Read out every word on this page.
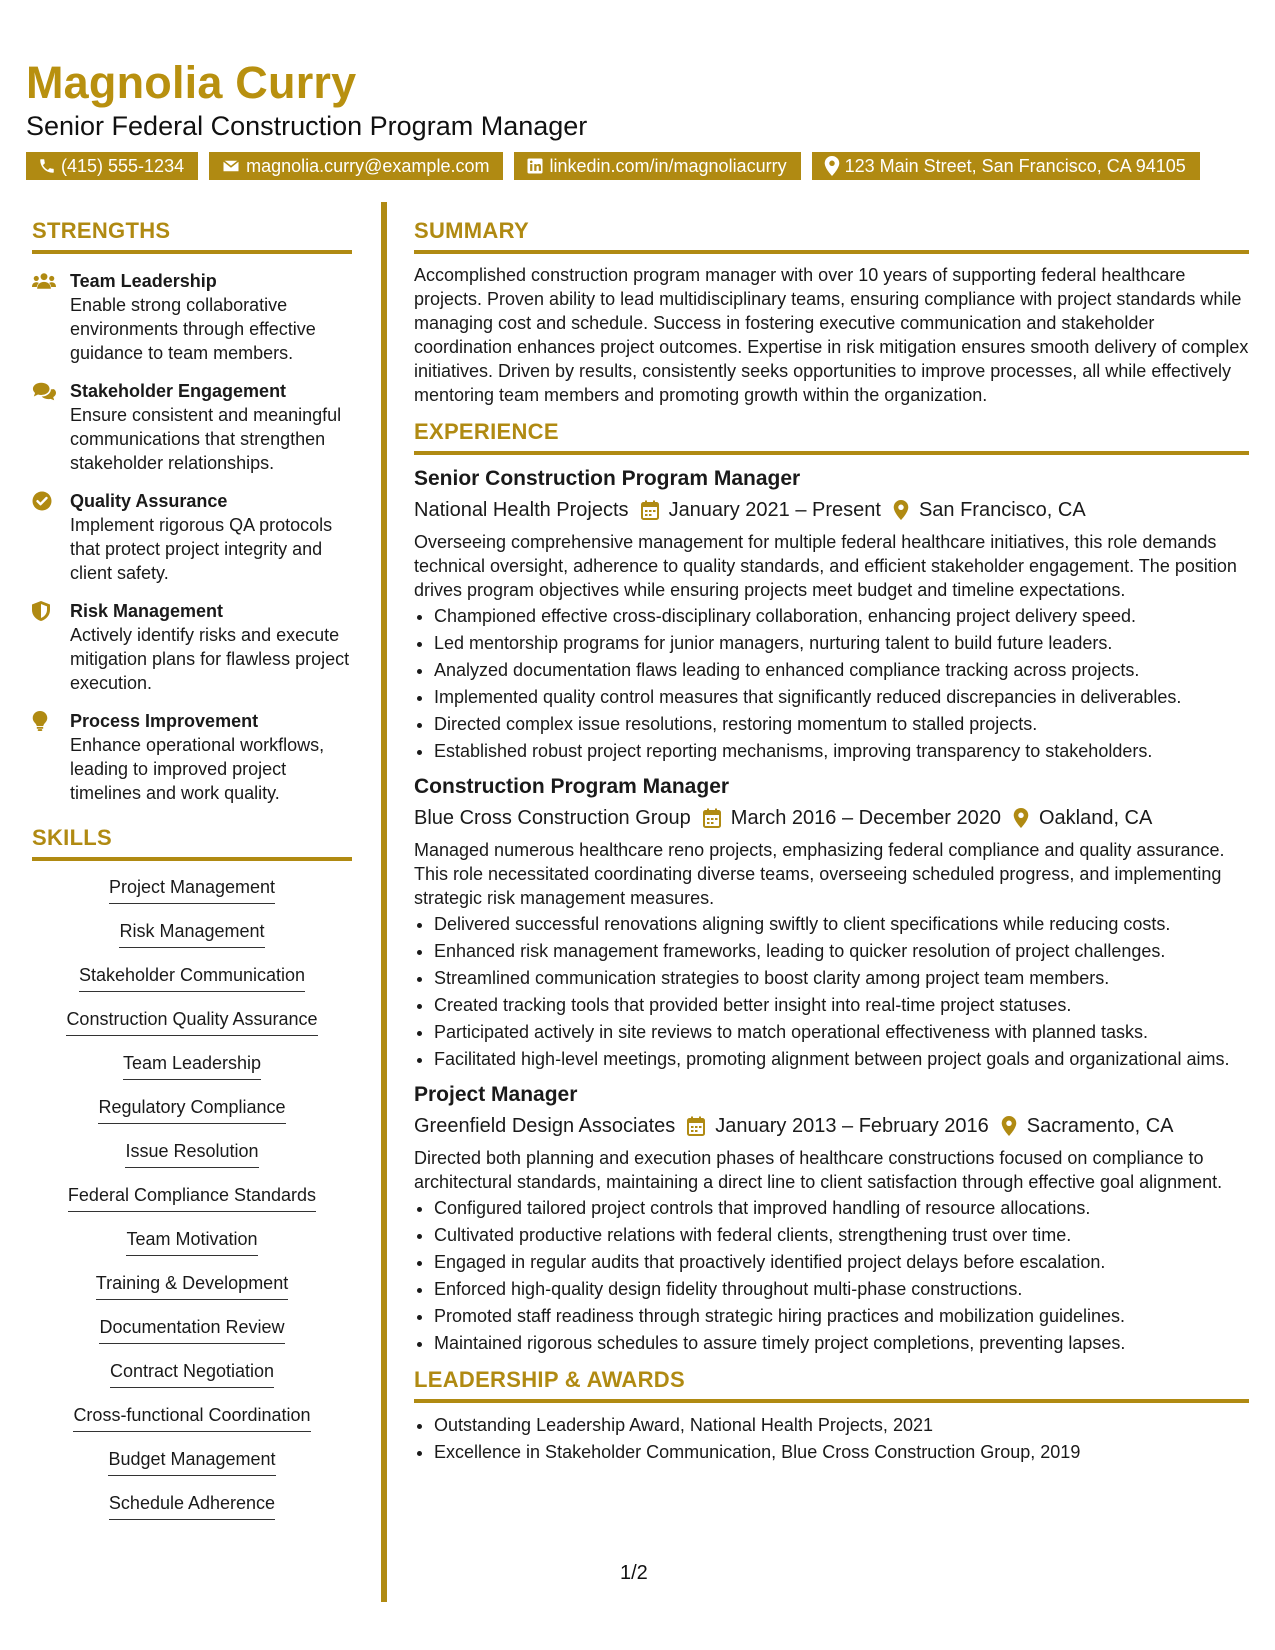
Magnolia Curry
Senior Federal Construction Program Manager
(415) 555-1234	magnolia.curry@example.com	linkedin.com/in/magnoliacurry	123 Main Street, San Francisco, CA 94105
STRENGTHS
Team Leadership
Enable strong collaborative environments through effective guidance to team members.
Stakeholder Engagement
Ensure consistent and meaningful communications that strengthen stakeholder relationships.
Quality Assurance
Implement rigorous QA protocols that protect project integrity and client safety.
Risk Management
Actively identify risks and execute mitigation plans for flawless project execution.
Process Improvement
Enhance operational workflows, leading to improved project timelines and work quality.
SKILLS
Project Management
Risk Management
Stakeholder Communication
Construction Quality Assurance
Team Leadership
Regulatory Compliance
Issue Resolution
Federal Compliance Standards
Team Motivation
Training & Development
Documentation Review
Contract Negotiation
Cross-functional Coordination
Budget Management
Schedule Adherence
SUMMARY
Accomplished construction program manager with over 10 years of supporting federal healthcare projects. Proven ability to lead multidisciplinary teams, ensuring compliance with project standards while managing cost and schedule. Success in fostering executive communication and stakeholder coordination enhances project outcomes. Expertise in risk mitigation ensures smooth delivery of complex initiatives. Driven by results, consistently seeks opportunities to improve processes, all while effectively mentoring team members and promoting growth within the organization.
EXPERIENCE
Senior Construction Program Manager
National Health Projects January 2021 – Present San Francisco, CA
Overseeing comprehensive management for multiple federal healthcare initiatives, this role demands technical oversight, adherence to quality standards, and efficient stakeholder engagement. The position drives program objectives while ensuring projects meet budget and timeline expectations.
• Championed effective cross-disciplinary collaboration, enhancing project delivery speed.
• Led mentorship programs for junior managers, nurturing talent to build future leaders.
• Analyzed documentation flaws leading to enhanced compliance tracking across projects.
• Implemented quality control measures that significantly reduced discrepancies in deliverables.
• Directed complex issue resolutions, restoring momentum to stalled projects.
• Established robust project reporting mechanisms, improving transparency to stakeholders.
Construction Program Manager
Blue Cross Construction Group March 2016 – December 2020 Oakland, CA
Managed numerous healthcare reno projects, emphasizing federal compliance and quality assurance. This role necessitated coordinating diverse teams, overseeing scheduled progress, and implementing strategic risk management measures.
• Delivered successful renovations aligning swiftly to client specifications while reducing costs.
• Enhanced risk management frameworks, leading to quicker resolution of project challenges.
• Streamlined communication strategies to boost clarity among project team members.
• Created tracking tools that provided better insight into real-time project statuses.
• Participated actively in site reviews to match operational effectiveness with planned tasks.
• Facilitated high-level meetings, promoting alignment between project goals and organizational aims.
Project Manager
Greenfield Design Associates January 2013 – February 2016 Sacramento, CA
Directed both planning and execution phases of healthcare constructions focused on compliance to architectural standards, maintaining a direct line to client satisfaction through effective goal alignment.
• Configured tailored project controls that improved handling of resource allocations.
• Cultivated productive relations with federal clients, strengthening trust over time.
• Engaged in regular audits that proactively identified project delays before escalation.
• Enforced high-quality design fidelity throughout multi-phase constructions.
• Promoted staff readiness through strategic hiring practices and mobilization guidelines.
• Maintained rigorous schedules to assure timely project completions, preventing lapses.
LEADERSHIP & AWARDS
• Outstanding Leadership Award, National Health Projects, 2021
• Excellence in Stakeholder Communication, Blue Cross Construction Group, 2019
1/2
